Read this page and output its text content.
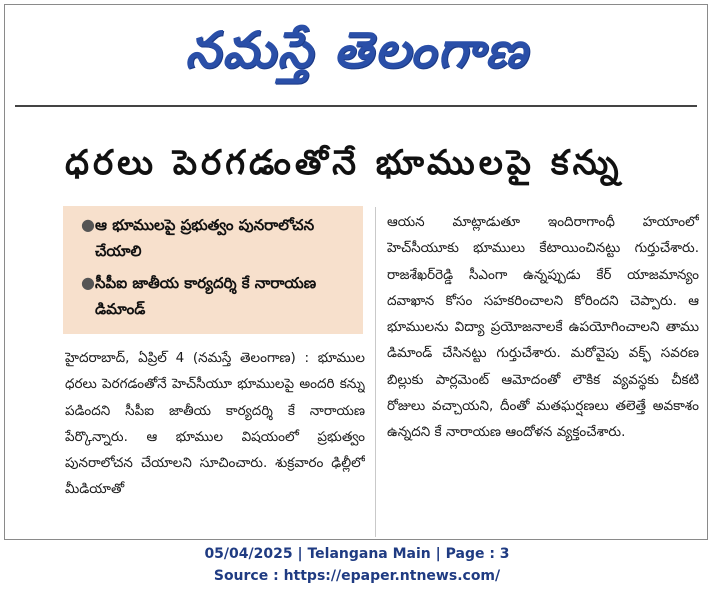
నమస్తే తెలంగాణ
ధరలు పెరగడంతోనే భూములపై కన్ను
● ఆ భూములపై ప్రభుత్వం పునరాలోచన చేయాలి
● సీపీఐ జాతీయ కార్యదర్శి కే నారాయణ డిమాండ్
హైదరాబాద్, ఏప్రిల్ 4 (నమస్తే తెలంగాణ) : భూముల ధరలు పెరగడంతోనే హెచ్‌సీయూ భూములపై అందరి కన్ను పడిందని సీపీఐ జాతీయ కార్యదర్శి కే నారాయణ పేర్కొన్నారు. ఆ భూముల విషయంలో ప్రభుత్వం పునరాలోచన చేయాలని సూచించారు. శుక్రవారం ఢిల్లీలో మీడియాతో
ఆయన మాట్లాడుతూ ఇందిరాగాంధీ హయాంలో హెచ్‌సీయూకు భూములు కేటాయించినట్టు గుర్తుచేశారు. రాజశేఖర్‌రెడ్డి సీఎంగా ఉన్నప్పుడు కేర్ యాజమాన్యం దవాఖాన కోసం సహకరించాలని కోరిందని చెప్పారు. ఆ భూములను విద్యా ప్రయోజనాలకే ఉపయోగించాలని తాము డిమాండ్ చేసినట్టు గుర్తుచేశారు. మరోవైపు వక్ఫ్ సవరణ బిల్లుకు పార్లమెంట్ ఆమోదంతో లౌకిక వ్యవస్థకు చీకటి రోజులు వచ్చాయని, దీంతో మతఘర్షణలు తలెత్తే అవకాశం ఉన్నదని కే నారాయణ ఆందోళన వ్యక్తంచేశారు.
05/04/2025 | Telangana Main | Page : 3
Source : https://epaper.ntnews.com/
